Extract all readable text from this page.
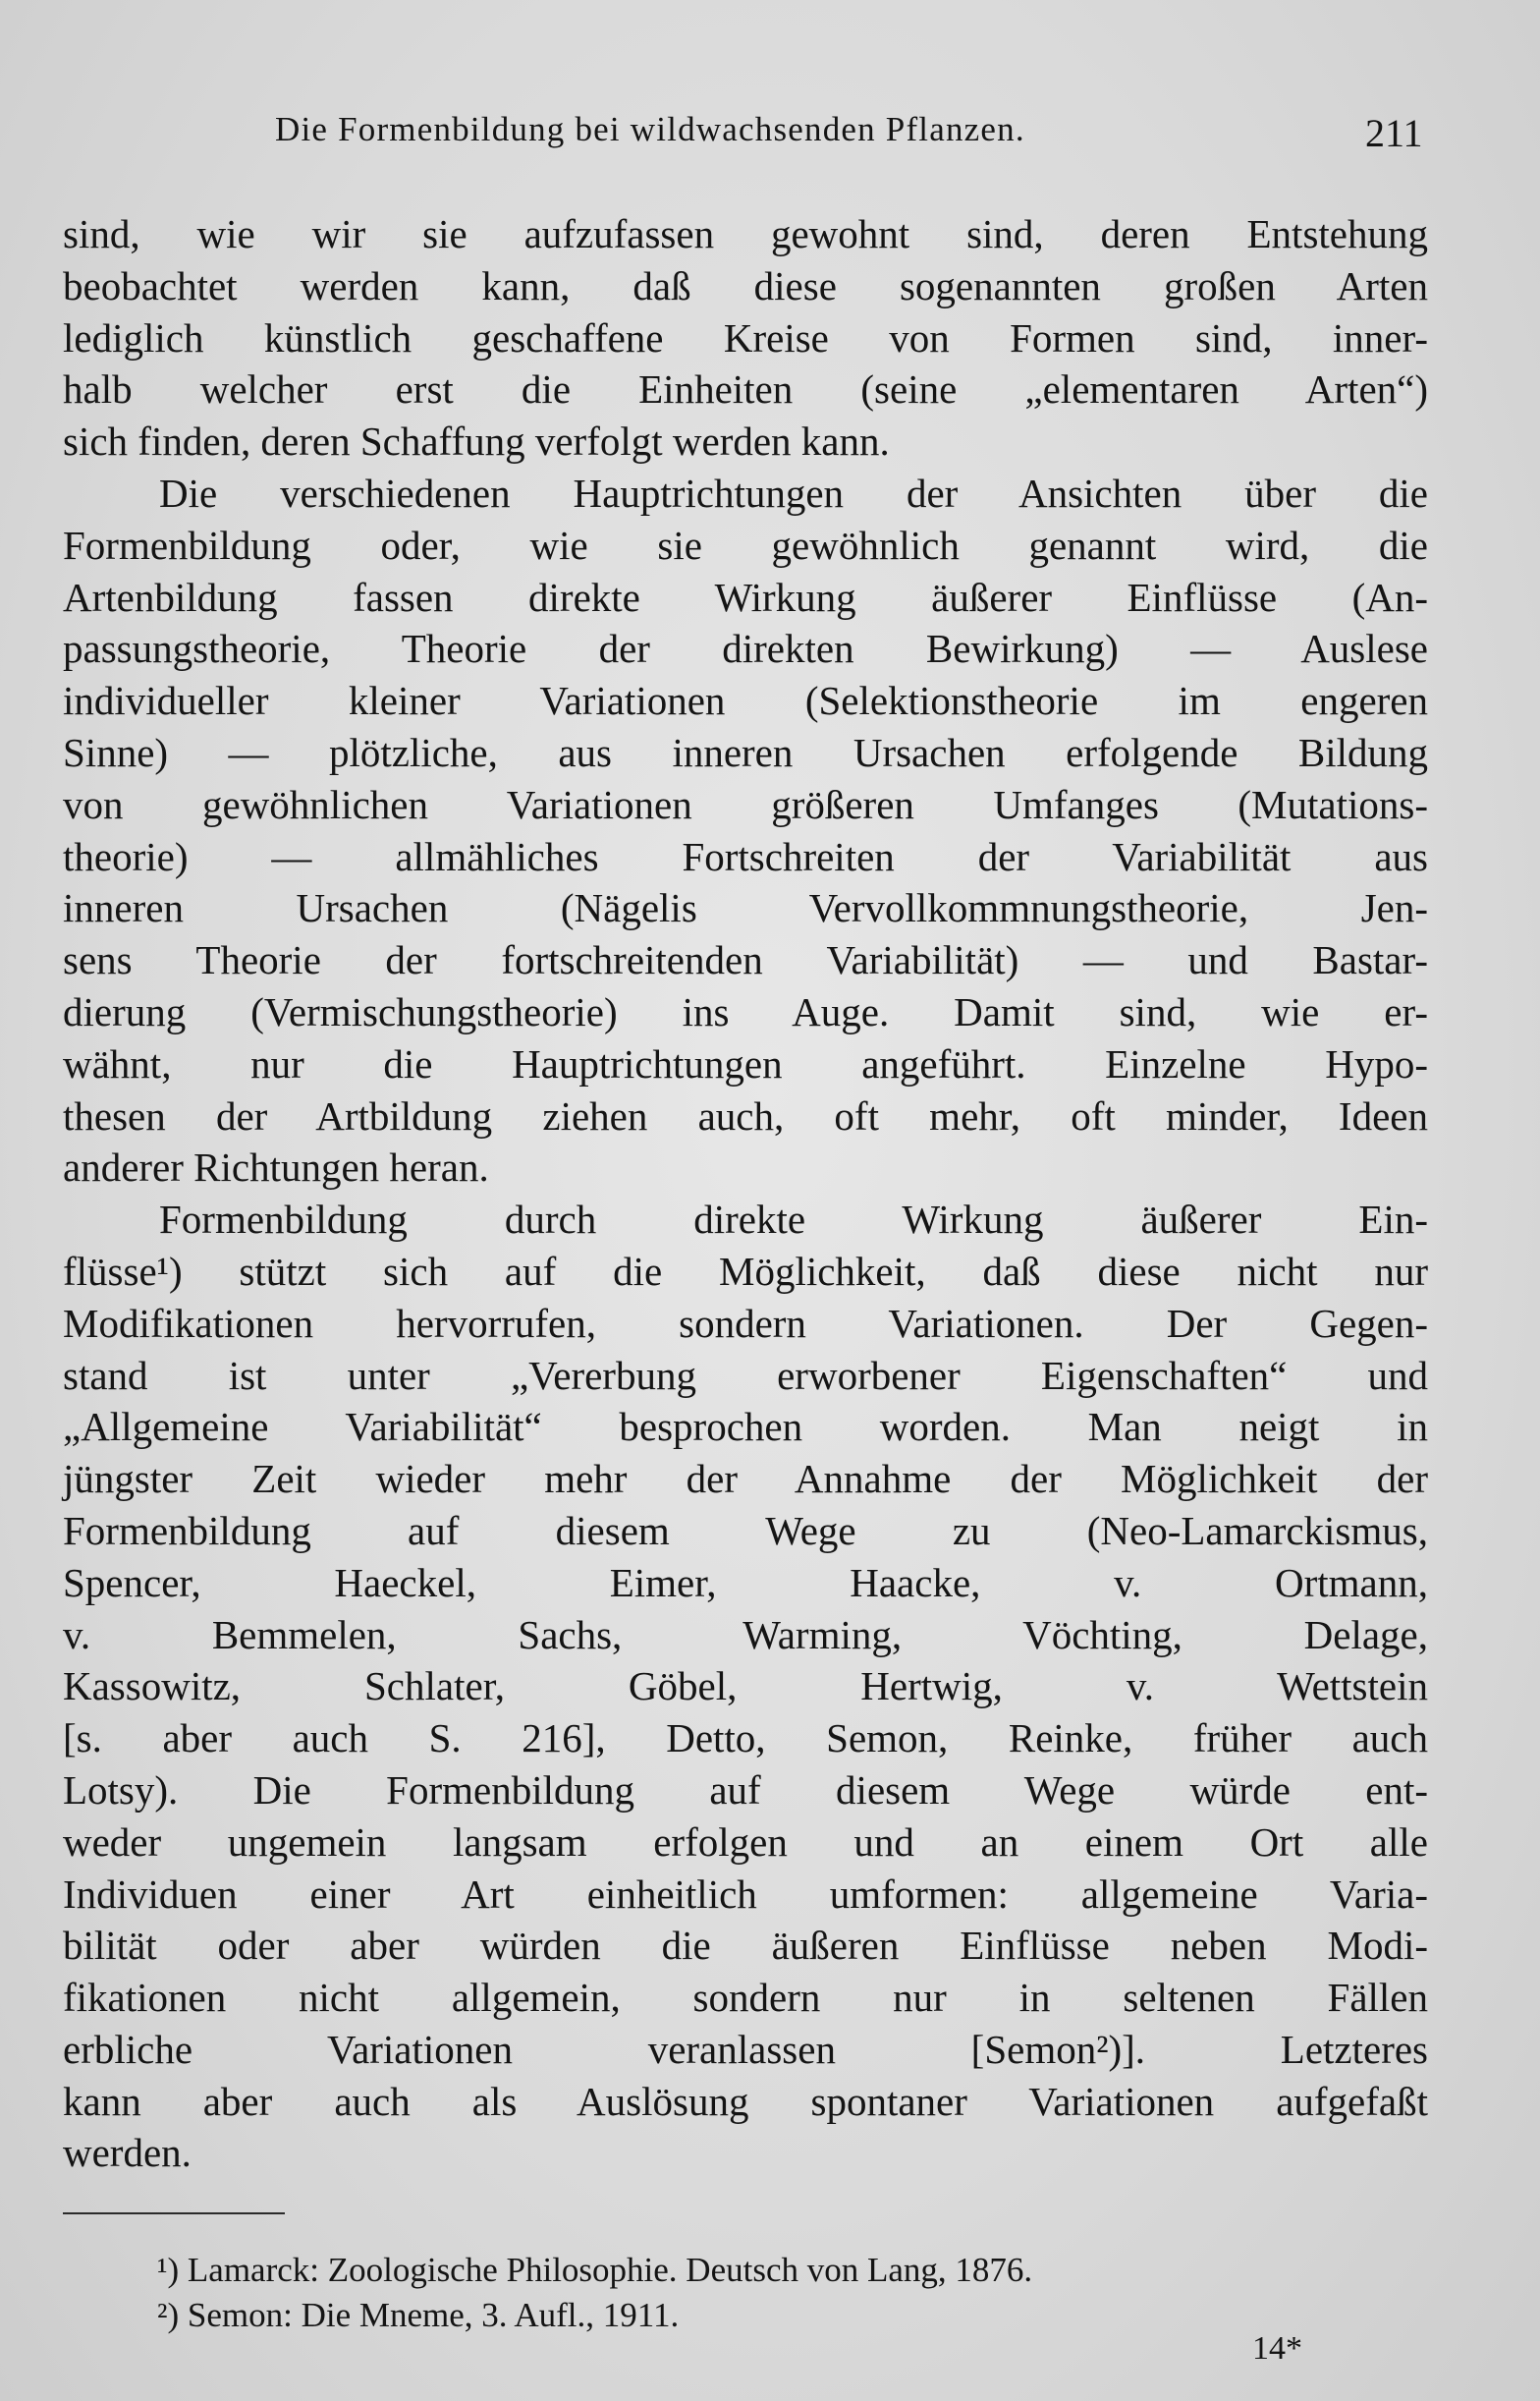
Die Formenbildung bei wildwachsenden Pflanzen.	211
sind, wie wir sie aufzufassen gewohnt sind, deren Entstehung
beobachtet werden kann, daß diese sogenannten großen Arten
lediglich künstlich geschaffene Kreise von Formen sind, inner-
halb welcher erst die Einheiten (seine „elementaren Arten“)
sich finden, deren Schaffung verfolgt werden kann.
Die verschiedenen Hauptrichtungen der Ansichten über die
Formenbildung oder, wie sie gewöhnlich genannt wird, die
Artenbildung fassen direkte Wirkung äußerer Einflüsse (An-
passungstheorie, Theorie der direkten Bewirkung) — Auslese
individueller kleiner Variationen (Selektionstheorie im engeren
Sinne) — plötzliche, aus inneren Ursachen erfolgende Bildung
von gewöhnlichen Variationen größeren Umfanges (Mutations-
theorie) — allmähliches Fortschreiten der Variabilität aus
inneren Ursachen (Nägelis Vervollkommnungstheorie, Jen-
sens Theorie der fortschreitenden Variabilität) — und Bastar-
dierung (Vermischungstheorie) ins Auge. Damit sind, wie er-
wähnt, nur die Hauptrichtungen angeführt. Einzelne Hypo-
thesen der Artbildung ziehen auch, oft mehr, oft minder, Ideen
anderer Richtungen heran.
Formenbildung durch direkte Wirkung äußerer Ein-
flüsse¹) stützt sich auf die Möglichkeit, daß diese nicht nur
Modifikationen hervorrufen, sondern Variationen. Der Gegen-
stand ist unter „Vererbung erworbener Eigenschaften“ und
„Allgemeine Variabilität“ besprochen worden. Man neigt in
jüngster Zeit wieder mehr der Annahme der Möglichkeit der
Formenbildung auf diesem Wege zu (Neo-Lamarckismus,
Spencer, Haeckel, Eimer, Haacke, v. Ortmann,
v. Bemmelen, Sachs, Warming, Vöchting, Delage,
Kassowitz, Schlater, Göbel, Hertwig, v. Wettstein
[s. aber auch S. 216], Detto, Semon, Reinke, früher auch
Lotsy). Die Formenbildung auf diesem Wege würde ent-
weder ungemein langsam erfolgen und an einem Ort alle
Individuen einer Art einheitlich umformen: allgemeine Varia-
bilität oder aber würden die äußeren Einflüsse neben Modi-
fikationen nicht allgemein, sondern nur in seltenen Fällen
erbliche Variationen veranlassen [Semon²)]. Letzteres
kann aber auch als Auslösung spontaner Variationen aufgefaßt
werden.
¹) Lamarck: Zoologische Philosophie. Deutsch von Lang, 1876.
²) Semon: Die Mneme, 3. Aufl., 1911.
14*
